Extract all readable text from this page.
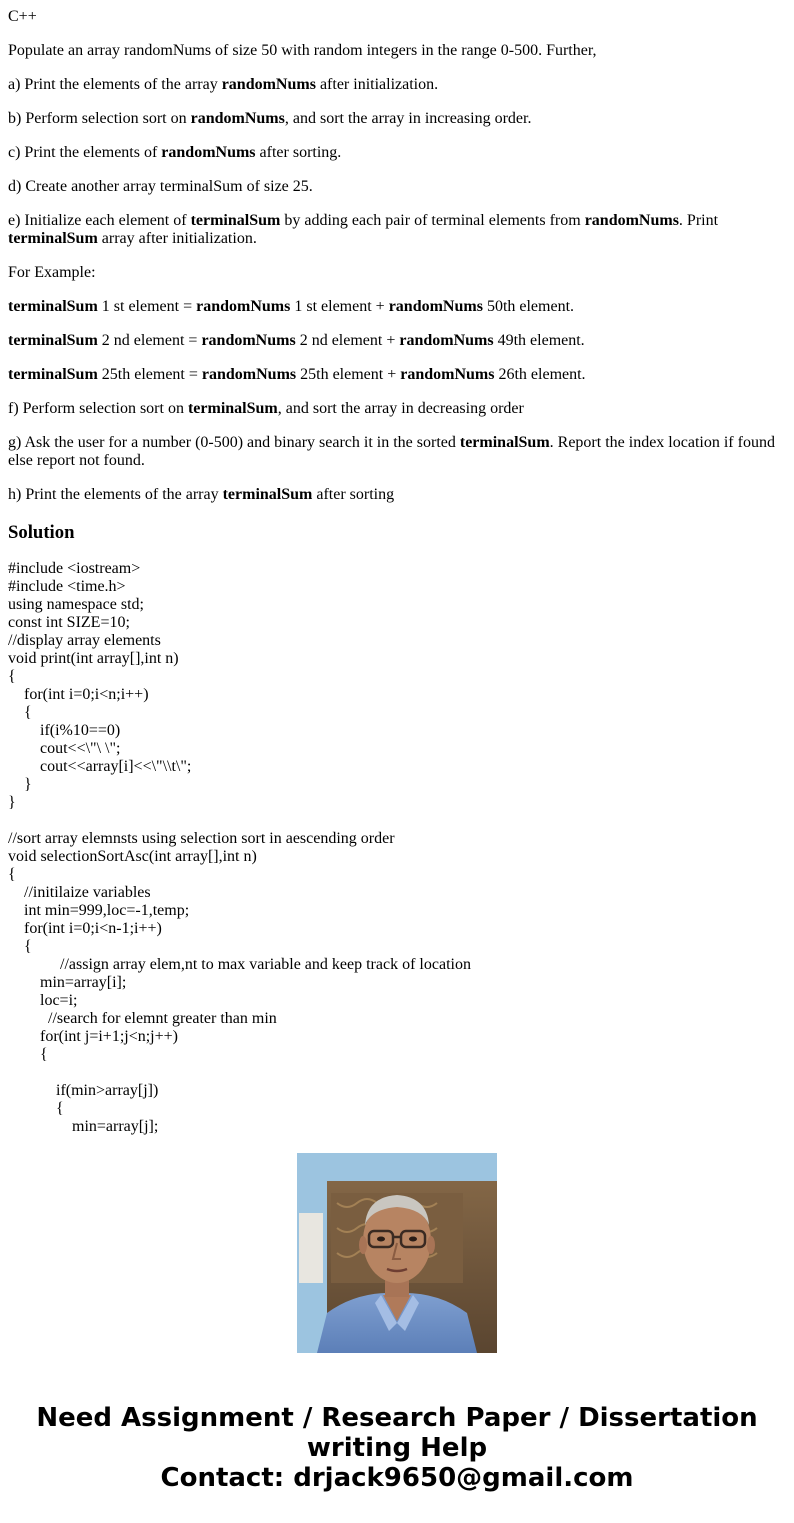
C++
Populate an array randomNums of size 50 with random integers in the range 0-500. Further,
a) Print the elements of the array randomNums after initialization.
b) Perform selection sort on randomNums, and sort the array in increasing order.
c) Print the elements of randomNums after sorting.
d) Create another array terminalSum of size 25.
e) Initialize each element of terminalSum by adding each pair of terminal elements from randomNums. Print terminalSum array after initialization.
For Example:
terminalSum 1 st element = randomNums 1 st element + randomNums 50th element.
terminalSum 2 nd element = randomNums 2 nd element + randomNums 49th element.
terminalSum 25th element = randomNums 25th element + randomNums 26th element.
f) Perform selection sort on terminalSum, and sort the array in decreasing order
g) Ask the user for a number (0-500) and binary search it in the sorted terminalSum. Report the index location if found else report not found.
h) Print the elements of the array terminalSum after sorting
Solution
#include <iostream>
#include <time.h>
using namespace std;
const int SIZE=10;
//display array elements
void print(int array[],int n)
{
for(int i=0;i<n;i++)
{
if(i%10==0)
cout<<\"\ \";
cout<<array[i]<<\"\\t\";
}
}
//sort array elemnsts using selection sort in aescending order
void selectionSortAsc(int array[],int n)
{
//initilaize variables
int min=999,loc=-1,temp;
for(int i=0;i<n-1;i++)
{
//assign array elem,nt to max variable and keep track of location
min=array[i];
loc=i;
//search for elemnt greater than min
for(int j=i+1;j<n;j++)
{
if(min>array[j])
{
min=array[j];
Need Assignment / Research Paper / Dissertation
writing Help
Contact: drjack9650@gmail.com
